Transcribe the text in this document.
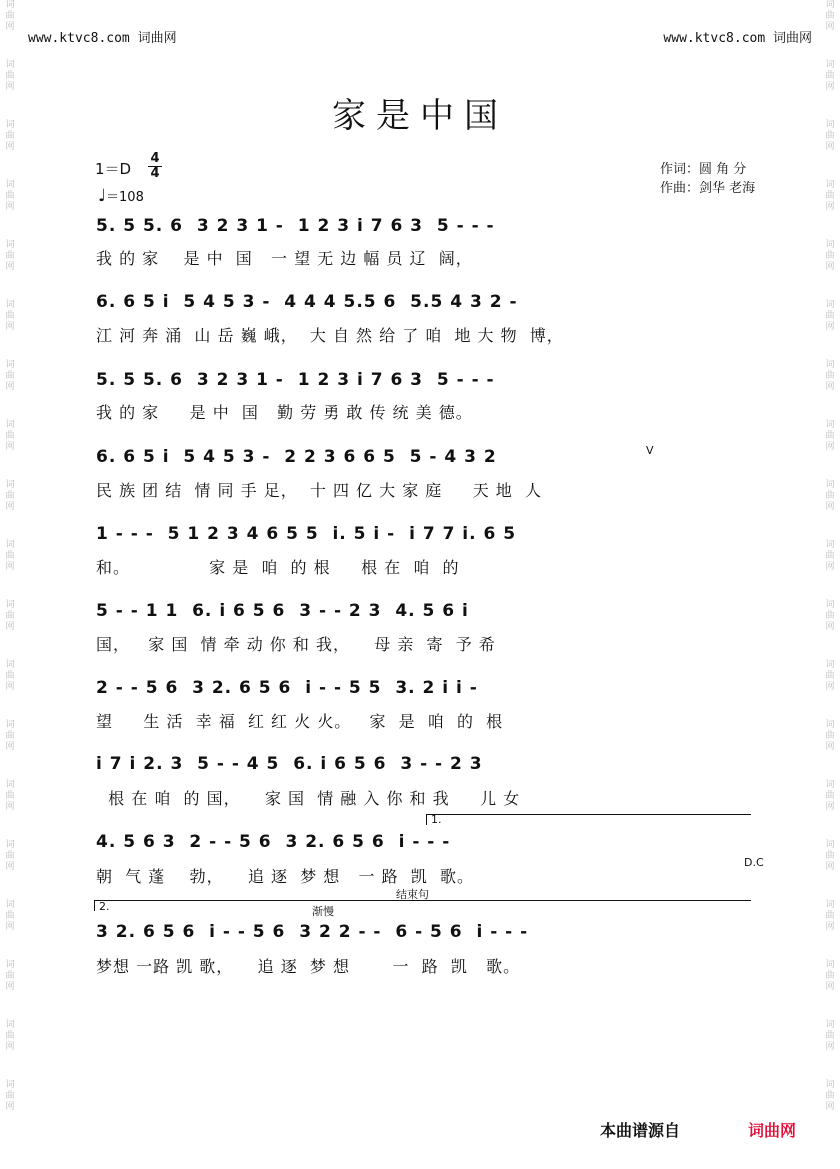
词
曲
网
词
曲
网
词
曲
网
词
曲
网
词
曲
网
词
曲
网
词
曲
网
词
曲
网
词
曲
网
词
曲
网
词
曲
网
词
曲
网
词
曲
网
词
曲
网
词
曲
网
词
曲
网
词
曲
网
词
曲
网
词
曲
网
词
曲
网
词
曲
网
词
曲
网
词
曲
网
词
曲
网
词
曲
网
词
曲
网
词
曲
网
词
曲
网
词
曲
网
词
曲
网
词
曲
网
词
曲
网
词
曲
网
词
曲
网
词
曲
网
词
曲
网
词
曲
网
词
曲
网
www.ktvc8.com 词曲网	www.ktvc8.com 词曲网
家是中国
1＝D
4
4
♩＝108
作词：圆 角 分
作曲：剑华 老海
5. 5 5. 6  3 2 3 1 -  1 2 3 i 7 6 3  5 - - -
我 的 家    是 中  国   一 望 无 边 幅 员 辽  阔，
6. 6 5 i  5 4 5 3 -  4 4 4 5.5 6  5.5 4 3 2 -
江 河 奔 涌  山 岳 巍 峨，  大 自 然 给 了 咱  地 大 物  博，
5. 5 5. 6  3 2 3 1 -  1 2 3 i 7 6 3  5 - - -
我 的 家     是 中  国   勤 劳 勇 敢 传 统 美 德。
6. 6 5 i  5 4 5 3 -  2 2 3 6 6 5  5 - 4 3 2	V
民 族 团 结  情 同 手 足，  十 四 亿 大 家 庭     天 地  人
1 - - -  5 1 2 3 4 6 5 5  i. 5 i -  i 7 7 i. 6 5
和。             家 是  咱  的 根     根 在  咱  的
5 - - 1 1  6. i 6 5 6  3 - - 2 3  4. 5 6 i
国，   家 国  情 牵 动 你 和 我，    母 亲  寄  予 希
2 - - 5 6  3 2. 6 5 6  i - - 5 5  3. 2 i i -
望     生 活  幸 福  红 红 火 火。   家  是  咱  的  根
i 7 i 2. 3  5 - - 4 5  6. i 6 5 6  3 - - 2 3
根 在 咱  的 国，    家 国  情 融 入 你 和 我     儿 女
1.
4. 5 6 3  2 - - 5 6  3 2. 6 5 6  i - - -
D.C
朝  气 蓬    勃，    追 逐  梦 想   一 路  凯  歌。
结束句
2.	渐慢
3 2. 6 5 6  i - - 5 6  3 2 2 - -  6 - 5 6  i - - -
梦想 一路 凯 歌，    追 逐  梦 想       一  路  凯   歌。
本曲谱源自	词曲网
